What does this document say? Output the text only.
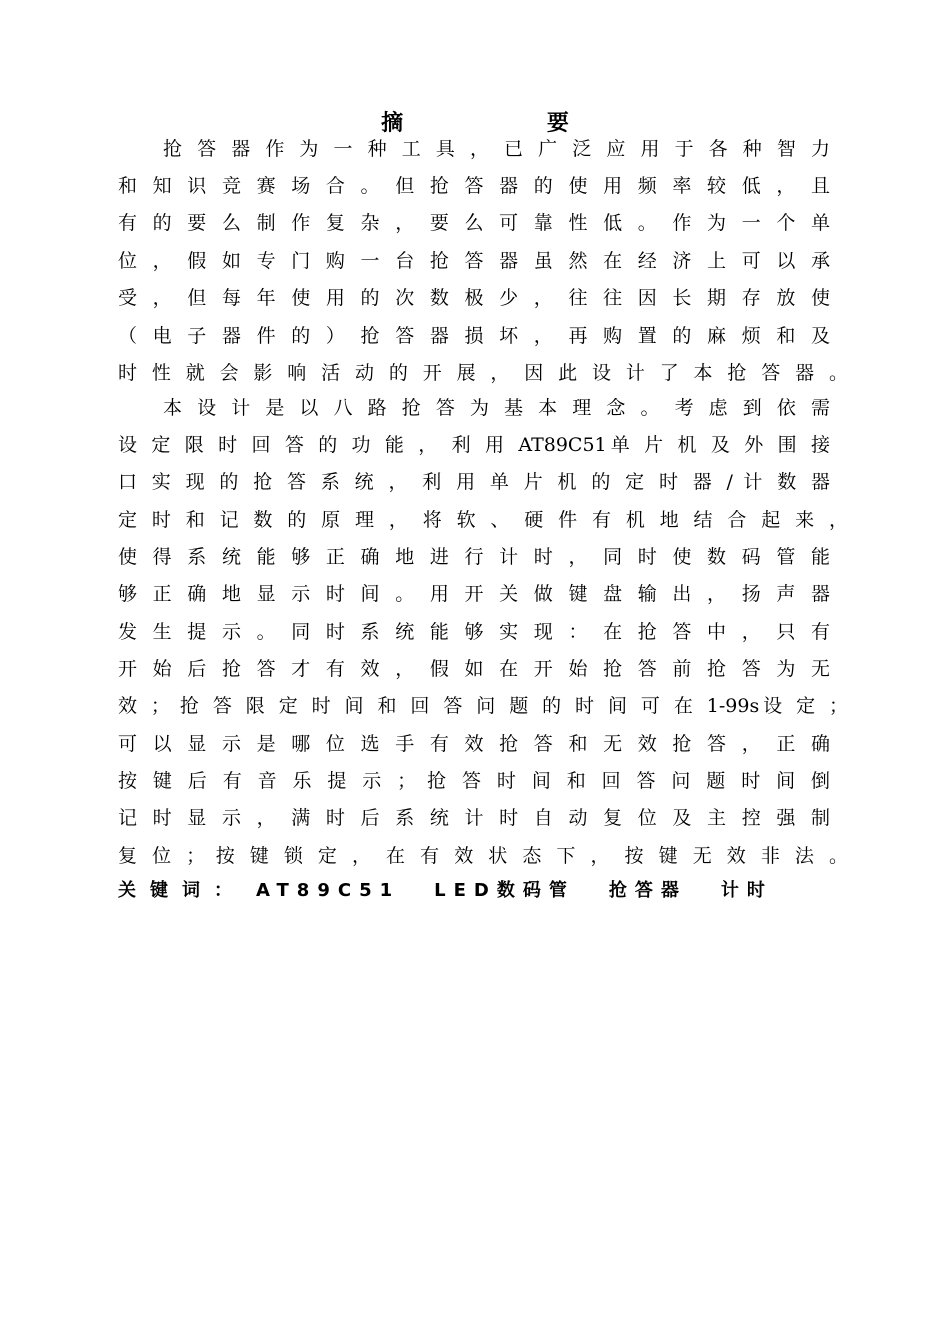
摘 要
抢 答 器 作 为 一 种 工 具 ， 已 广 泛 应 用 于 各 种 智 力
和 知 识 竞 赛 场 合 。 但 抢 答 器 的 使 用 频 率 较 低 ， 且
有 的 要 么 制 作 复 杂 ， 要 么 可 靠 性 低 。 作 为 一 个 单
位 ， 假 如 专 门 购 一 台 抢 答 器 虽 然 在 经 济 上 可 以 承
受 ， 但 每 年 使 用 的 次 数 极 少 ， 往 往 因 长 期 存 放 使
（ 电 子 器 件 的 ） 抢 答 器 损 坏 ， 再 购 置 的 麻 烦 和 及
时 性 就 会 影 响 活 动 的 开 展 ， 因 此 设 计 了 本 抢 答 器 。
本 设 计 是 以 八 路 抢 答 为 基 本 理 念 。 考 虑 到 依 需
设 定 限 时 回 答 的 功 能 ， 利 用 AT89C51单 片 机 及 外 围 接
口 实 现 的 抢 答 系 统 ， 利 用 单 片 机 的 定 时 器 / 计 数 器
定 时 和 记 数 的 原 理 ， 将 软 、 硬 件 有 机 地 结 合 起 来 ，
使 得 系 统 能 够 正 确 地 进 行 计 时 ， 同 时 使 数 码 管 能
够 正 确 地 显 示 时 间 。 用 开 关 做 键 盘 输 出 ， 扬 声 器
发 生 提 示 。 同 时 系 统 能 够 实 现 ： 在 抢 答 中 ， 只 有
开 始 后 抢 答 才 有 效 ， 假 如 在 开 始 抢 答 前 抢 答 为 无
效 ； 抢 答 限 定 时 间 和 回 答 问 题 的 时 间 可 在 1-99s设 定 ；
可 以 显 示 是 哪 位 选 手 有 效 抢 答 和 无 效 抢 答 ， 正 确
按 键 后 有 音 乐 提 示 ； 抢 答 时 间 和 回 答 问 题 时 间 倒
记 时 显 示 ， 满 时 后 系 统 计 时 自 动 复 位 及 主 控 强 制
复 位 ； 按 键 锁 定 ， 在 有 效 状 态 下 ， 按 键 无 效 非 法 。
关键词： AT89C51 LED数码管 抢答器 计时
